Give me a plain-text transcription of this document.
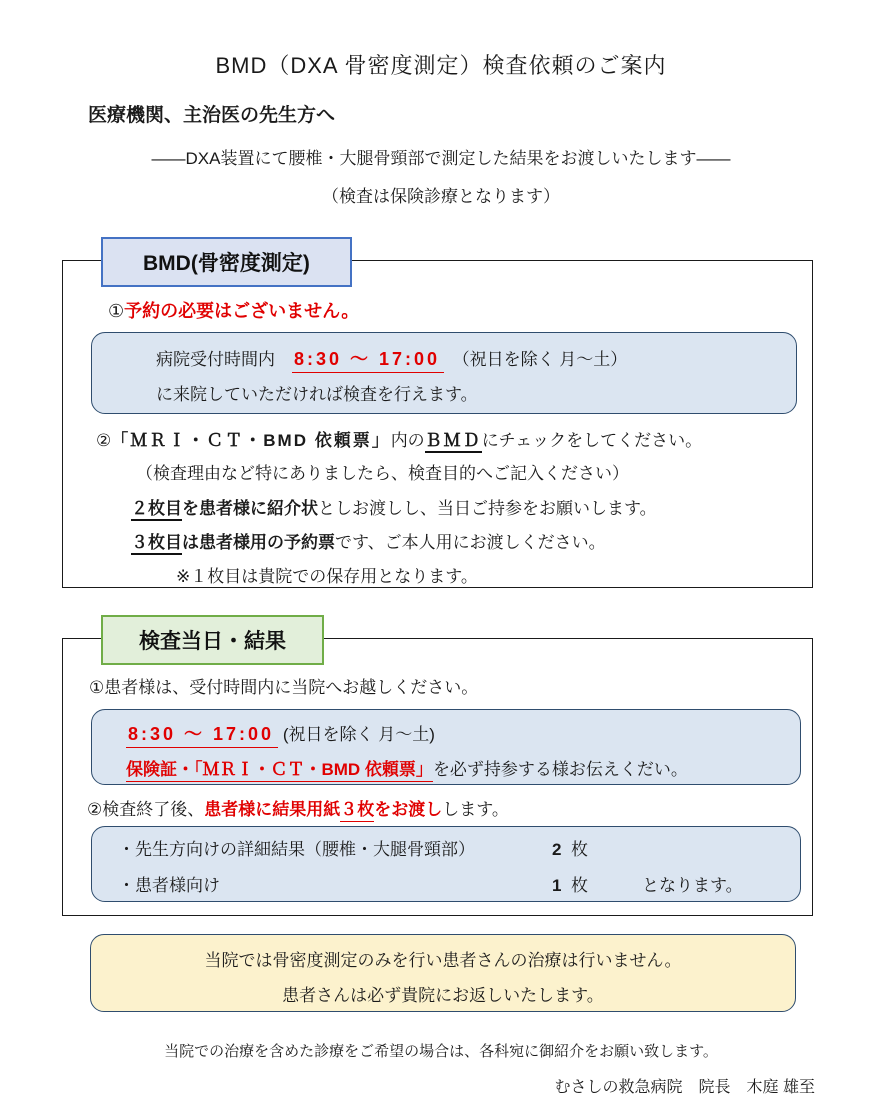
BMD（DXA 骨密度測定）検査依頼のご案内
医療機関、主治医の先生方へ
――DXA装置にて腰椎・大腿骨頸部で測定した結果をお渡しいたします――
（検査は保険診療となります）
BMD(骨密度測定)
①予約の必要はございません。
病院受付時間内　 8:30 ～ 17:00　 （祝日を除く 月～土）
に来院していただければ検査を行えます。
②「ＭＲＩ・ＣＴ・BMD 依頼票」内のＢＭＤにチェックをしてください。
（検査理由など特にありましたら、検査目的へご記入ください）
２枚目を患者様に紹介状としお渡しし、当日ご持参をお願いします。
３枚目は患者様用の予約票です、ご本人用にお渡しください。
※１枚目は貴院での保存用となります。
検査当日・結果
①患者様は、受付時間内に当院へお越しください。
8:30 ～ 17:00 (祝日を除く 月～土)
保険証・「ＭＲＩ・ＣＴ・BMD 依頼票」を必ず持参する様お伝えくだい。
②検査終了後、患者様に結果用紙３枚をお渡しします。
・先生方向けの詳細結果（腰椎・大腿骨頸部）	2 枚
・患者様向け	1 枚	となります。
当院では骨密度測定のみを行い患者さんの治療は行いません。
患者さんは必ず貴院にお返しいたします。
当院での治療を含めた診療をご希望の場合は、各科宛に御紹介をお願い致します。
むさしの救急病院　院長　木庭 雄至
